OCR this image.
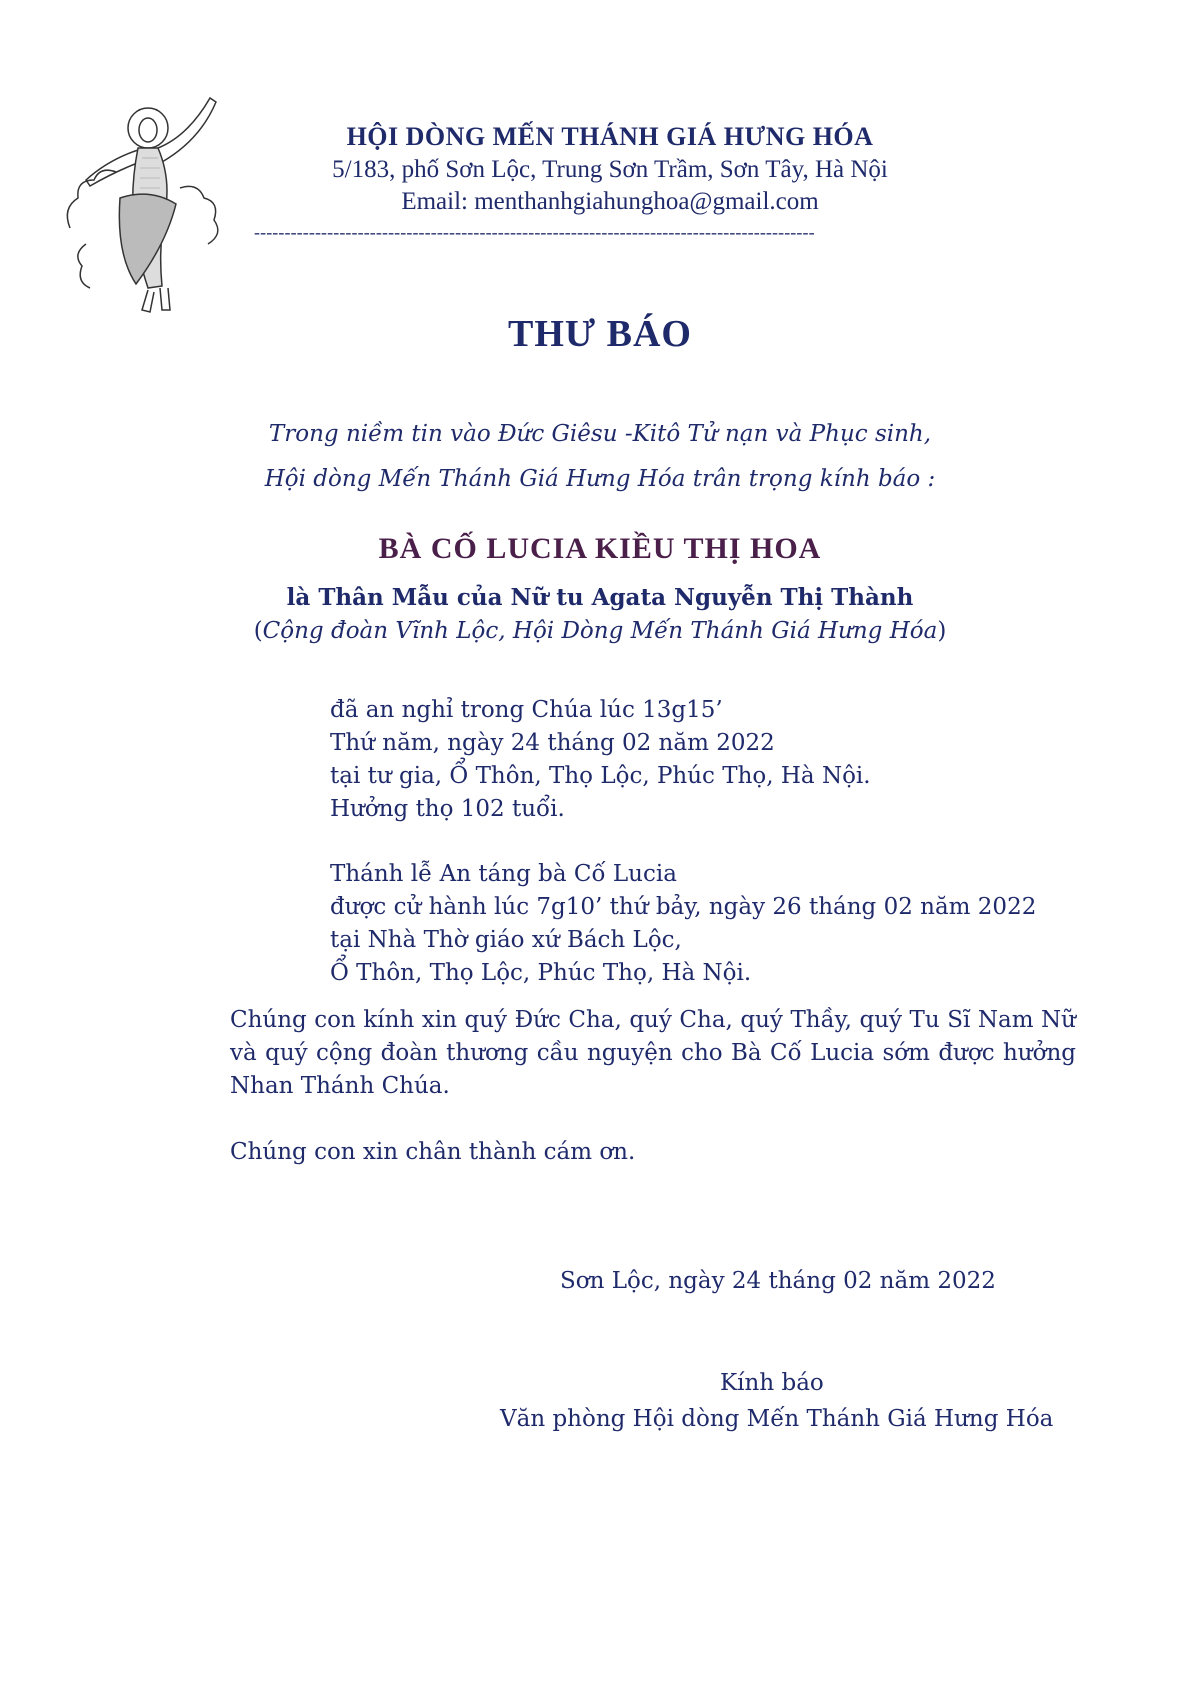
HỘI DÒNG MẾN THÁNH GIÁ HƯNG HÓA
5/183, phố Sơn Lộc, Trung Sơn Trầm, Sơn Tây, Hà Nội
Email: menthanhgiahunghoa@gmail.com
--------------------------------------------------------------------------------------------
THƯ BÁO
Trong niềm tin vào Đức Giêsu -Kitô Tử nạn và Phục sinh,
Hội dòng Mến Thánh Giá Hưng Hóa trân trọng kính báo :
BÀ CỐ LUCIA KIỀU THỊ HOA
là Thân Mẫu của Nữ tu Agata Nguyễn Thị Thành
(Cộng đoàn Vĩnh Lộc, Hội Dòng Mến Thánh Giá Hưng Hóa)
đã an nghỉ trong Chúa lúc 13g15’
Thứ năm, ngày 24 tháng 02 năm 2022
tại tư gia, Ổ Thôn, Thọ Lộc, Phúc Thọ, Hà Nội.
Hưởng thọ 102 tuổi.
Thánh lễ An táng bà Cố Lucia
được cử hành lúc 7g10’ thứ bảy, ngày 26 tháng 02 năm 2022
tại Nhà Thờ giáo xứ Bách Lộc,
Ổ Thôn, Thọ Lộc, Phúc Thọ, Hà Nội.
Chúng con kính xin quý Đức Cha, quý Cha, quý Thầy, quý Tu Sĩ Nam Nữ và quý cộng đoàn thương cầu nguyện cho Bà Cố Lucia sớm được hưởng Nhan Thánh Chúa.
Chúng con xin chân thành cám ơn.
Sơn Lộc, ngày 24 tháng 02 năm 2022
Kính báo
Văn phòng Hội dòng Mến Thánh Giá Hưng Hóa
